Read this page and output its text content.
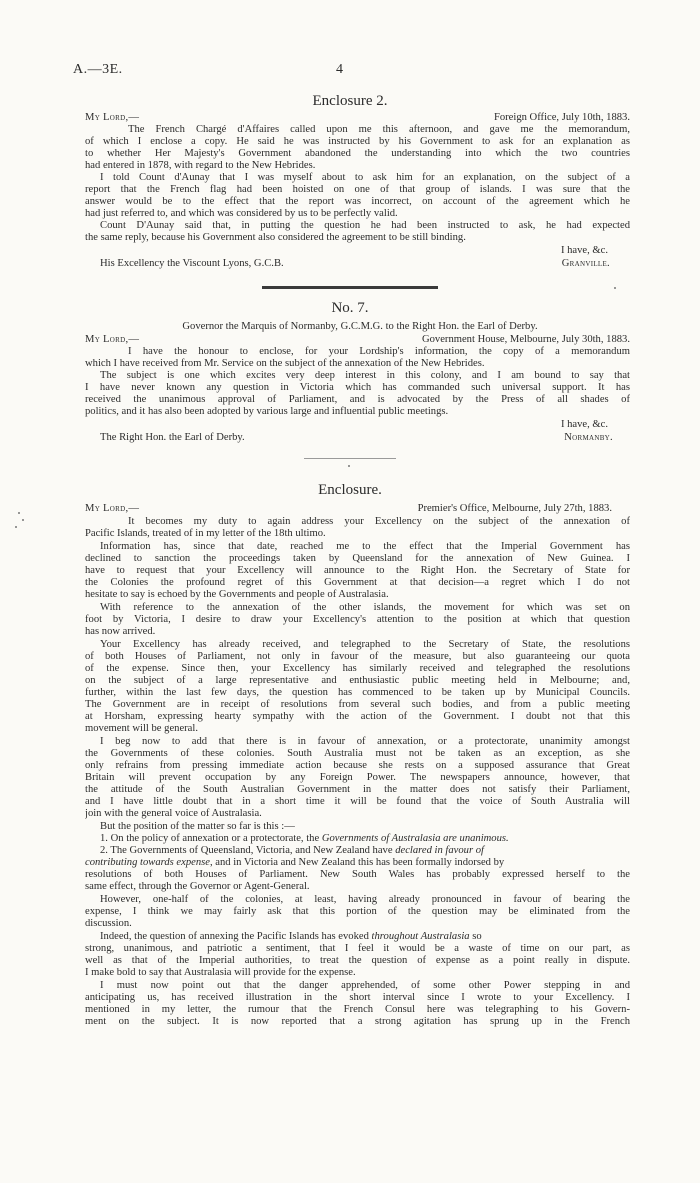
A.—3E.	4
Enclosure 2.
My Lord,—	Foreign Office, July 10th, 1883.
The French Chargé d'Affaires called upon me this afternoon, and gave me the memorandum,
of which I enclose a copy. He said he was instructed by his Government to ask for an explanation as
to whether Her Majesty's Government abandoned the understanding into which the two countries
had entered in 1878, with regard to the New Hebrides.
I told Count d'Aunay that I was myself about to ask him for an explanation, on the subject of a
report that the French flag had been hoisted on one of that group of islands. I was sure that the
answer would be to the effect that the report was incorrect, on account of the agreement which he
had just referred to, and which was considered by us to be perfectly valid.
Count D'Aunay said that, in putting the question he had been instructed to ask, he had expected
the same reply, because his Government also considered the agreement to be still binding.
I have, &c.
His Excellency the Viscount Lyons, G.C.B.	Granville.
No. 7.
Governor the Marquis of Normanby, G.C.M.G. to the Right Hon. the Earl of Derby.
My Lord,—	Government House, Melbourne, July 30th, 1883.
I have the honour to enclose, for your Lordship's information, the copy of a memorandum
which I have received from Mr. Service on the subject of the annexation of the New Hebrides.
The subject is one which excites very deep interest in this colony, and I am bound to say that
I have never known any question in Victoria which has commanded such universal support. It has
received the unanimous approval of Parliament, and is advocated by the Press of all shades of
politics, and it has also been adopted by various large and influential public meetings.
I have, &c.
The Right Hon. the Earl of Derby.	Normanby.
Enclosure.
My Lord,—	Premier's Office, Melbourne, July 27th, 1883.
It becomes my duty to again address your Excellency on the subject of the annexation of
Pacific Islands, treated of in my letter of the 18th ultimo.
Information has, since that date, reached me to the effect that the Imperial Government has
declined to sanction the proceedings taken by Queensland for the annexation of New Guinea. I
have to request that your Excellency will announce to the Right Hon. the Secretary of State for
the Colonies the profound regret of this Government at that decision—a regret which I do not
hesitate to say is echoed by the Governments and people of Australasia.
With reference to the annexation of the other islands, the movement for which was set on
foot by Victoria, I desire to draw your Excellency's attention to the position at which that question
has now arrived.
Your Excellency has already received, and telegraphed to the Secretary of State, the resolutions
of both Houses of Parliament, not only in favour of the measure, but also guaranteeing our quota
of the expense. Since then, your Excellency has similarly received and telegraphed the resolutions
on the subject of a large representative and enthusiastic public meeting held in Melbourne; and,
further, within the last few days, the question has commenced to be taken up by Municipal Councils.
The Government are in receipt of resolutions from several such bodies, and from a public meeting
at Horsham, expressing hearty sympathy with the action of the Government. I doubt not that this
movement will be general.
I beg now to add that there is in favour of annexation, or a protectorate, unanimity amongst
the Governments of these colonies. South Australia must not be taken as an exception, as she
only refrains from pressing immediate action because she rests on a supposed assurance that Great
Britain will prevent occupation by any Foreign Power. The newspapers announce, however, that
the attitude of the South Australian Government in the matter does not satisfy their Parliament,
and I have little doubt that in a short time it will be found that the voice of South Australia will
join with the general voice of Australasia.
But the position of the matter so far is this :—
1. On the policy of annexation or a protectorate, the Governments of Australasia are unanimous.
2. The Governments of Queensland, Victoria, and New Zealand have declared in favour of
contributing towards expense, and in Victoria and New Zealand this has been formally indorsed by
resolutions of both Houses of Parliament. New South Wales has probably expressed herself to the
same effect, through the Governor or Agent-General.
However, one-half of the colonies, at least, having already pronounced in favour of bearing the
expense, I think we may fairly ask that this portion of the question may be eliminated from the
discussion.
Indeed, the question of annexing the Pacific Islands has evoked throughout Australasia so
strong, unanimous, and patriotic a sentiment, that I feel it would be a waste of time on our part, as
well as that of the Imperial authorities, to treat the question of expense as a point really in dispute.
I make bold to say that Australasia will provide for the expense.
I must now point out that the danger apprehended, of some other Power stepping in and
anticipating us, has received illustration in the short interval since I wrote to your Excellency. I
mentioned in my letter, the rumour that the French Consul here was telegraphing to his Govern-
ment on the subject. It is now reported that a strong agitation has sprung up in the French
